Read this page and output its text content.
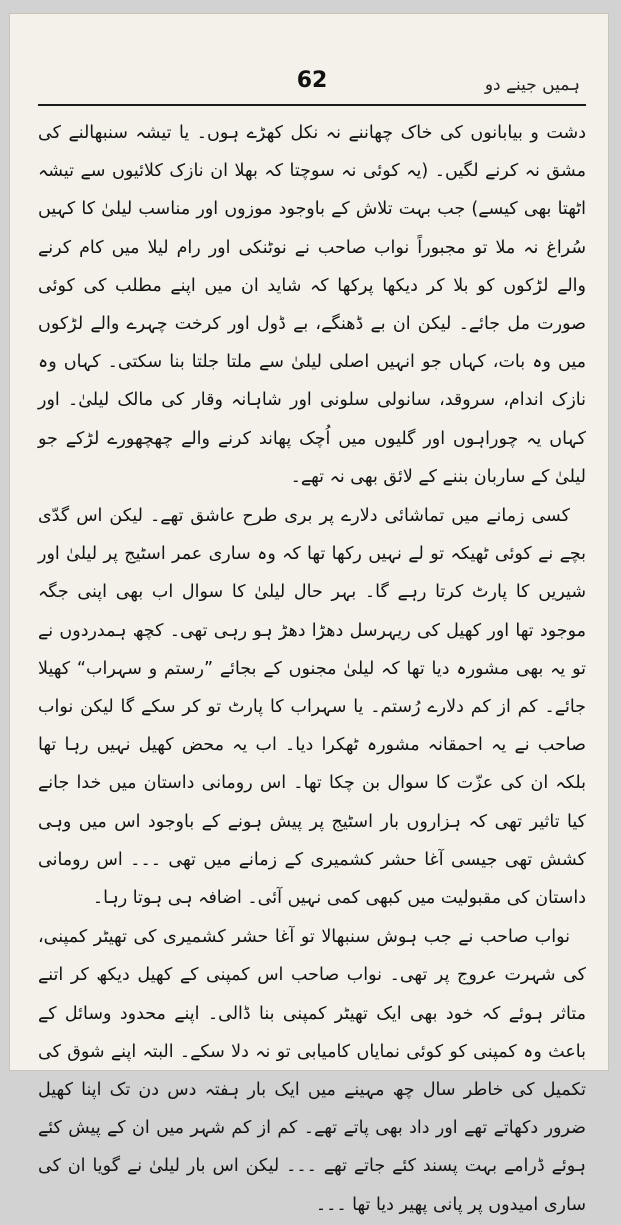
62	ہمیں جینے دو

دشت و بیابانوں کی خاک چھاننے نہ نکل کھڑے ہوں۔ یا تیشہ سنبھالنے کی مشق نہ کرنے لگیں۔ (یہ کوئی نہ سوچتا کہ بھلا ان نازک کلائیوں سے تیشہ اٹھتا بھی کیسے) جب بہت تلاش کے باوجود موزوں اور مناسب لیلیٰ کا کہیں سُراغ نہ ملا تو مجبوراً نواب صاحب نے نوٹنکی اور رام لیلا میں کام کرنے والے لڑکوں کو بلا کر دیکھا پرکھا کہ شاید ان میں اپنے مطلب کی کوئی صورت مل جائے۔ لیکن ان بے ڈھنگے، بے ڈول اور کرخت چہرے والے لڑکوں میں وہ بات، کہاں جو انہیں اصلی لیلیٰ سے ملتا جلتا بنا سکتی۔ کہاں وہ نازک اندام، سروقد، سانولی سلونی اور شاہانہ وقار کی مالک لیلیٰ۔ اور کہاں یہ چوراہوں اور گلیوں میں اُچک پھاند کرنے والے چھچھورے لڑکے جو لیلیٰ کے ساربان بننے کے لائق بھی نہ تھے۔

کسی زمانے میں تماشائی دلارے پر بری طرح عاشق تھے۔ لیکن اس گدّی بچے نے کوئی ٹھیکہ تو لے نہیں رکھا تھا کہ وہ ساری عمر اسٹیج پر لیلیٰ اور شیریں کا پارٹ کرتا رہے گا۔ بہر حال لیلیٰ کا سوال اب بھی اپنی جگہ موجود تھا اور کھیل کی ریہرسل دھڑا دھڑ ہو رہی تھی۔ کچھ ہمدردوں نے تو یہ بھی مشورہ دیا تھا کہ لیلیٰ مجنوں کے بجائے ”رستم و سہراب“ کھیلا جائے۔ کم از کم دلارے رُستم۔ یا سہراب کا پارٹ تو کر سکے گا لیکن نواب صاحب نے یہ احمقانہ مشورہ ٹھکرا دیا۔ اب یہ محض کھیل نہیں رہا تھا بلکہ ان کی عزّت کا سوال بن چکا تھا۔ اس رومانی داستان میں خدا جانے کیا تاثیر تھی کہ ہزاروں بار اسٹیج پر پیش ہونے کے باوجود اس میں وہی کشش تھی جیسی آغا حشر کشمیری کے زمانے میں تھی ۔۔۔ اس رومانی داستان کی مقبولیت میں کبھی کمی نہیں آئی۔ اضافہ ہی ہوتا رہا۔

نواب صاحب نے جب ہوش سنبھالا تو آغا حشر کشمیری کی تھیٹر کمپنی، کی شہرت عروج پر تھی۔ نواب صاحب اس کمپنی کے کھیل دیکھ کر اتنے متاثر ہوئے کہ خود بھی ایک تھیٹر کمپنی بنا ڈالی۔ اپنے محدود وسائل کے باعث وہ کمپنی کو کوئی نمایاں کامیابی تو نہ دلا سکے۔ البتہ اپنے شوق کی تکمیل کی خاطر سال چھ مہینے میں ایک بار ہفتہ دس دن تک اپنا کھیل ضرور دکھاتے تھے اور داد بھی پاتے تھے۔ کم از کم شہر میں ان کے پیش کئے ہوئے ڈرامے بہت پسند کئے جاتے تھے ۔۔۔ لیکن اس بار لیلیٰ نے گویا ان کی ساری امیدوں پر پانی پھیر دیا تھا ۔۔۔
